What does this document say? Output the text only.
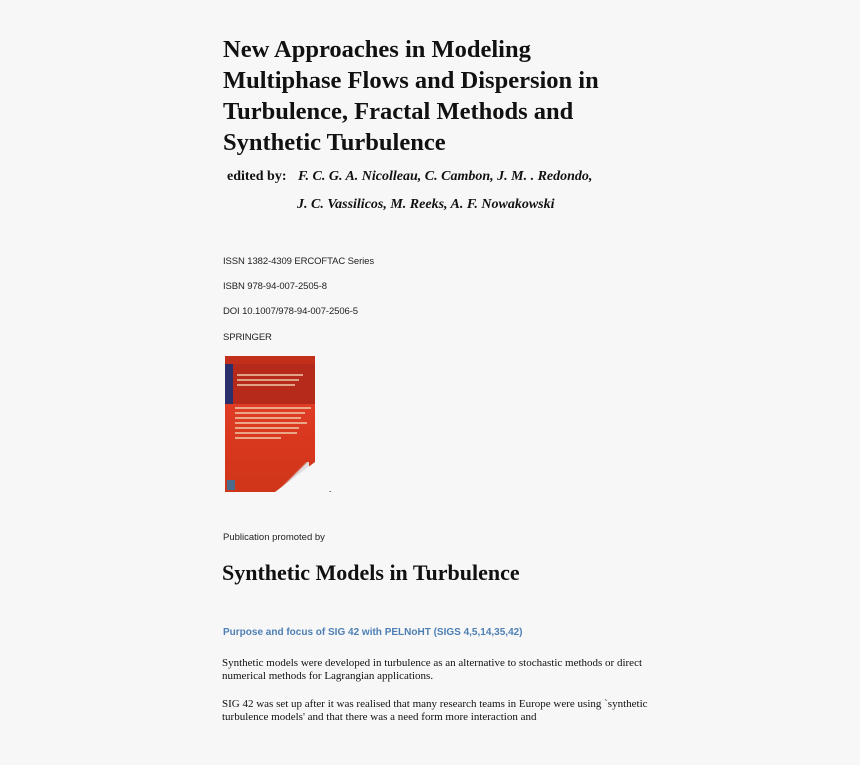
New Approaches in Modeling
Multiphase Flows and Dispersion in
Turbulence, Fractal Methods and
Synthetic Turbulence
edited by: F. C. G. A. Nicolleau, C. Cambon, J. M. . Redondo,
J. C. Vassilicos, M. Reeks, A. F. Nowakowski
ISSN 1382-4309 ERCOFTAC Series
ISBN 978-94-007-2505-8
DOI 10.1007/978-94-007-2506-5
SPRINGER
.
Publication promoted by
Synthetic Models in Turbulence
Purpose and focus of SIG 42 with PELNoHT (SIGS 4,5,14,35,42)
Synthetic models were developed in turbulence as an alternative to stochastic methods or direct numerical methods for Lagrangian applications.
SIG 42 was set up after it was realised that many research teams in Europe were using `synthetic turbulence models' and that there was a need form more interaction and
